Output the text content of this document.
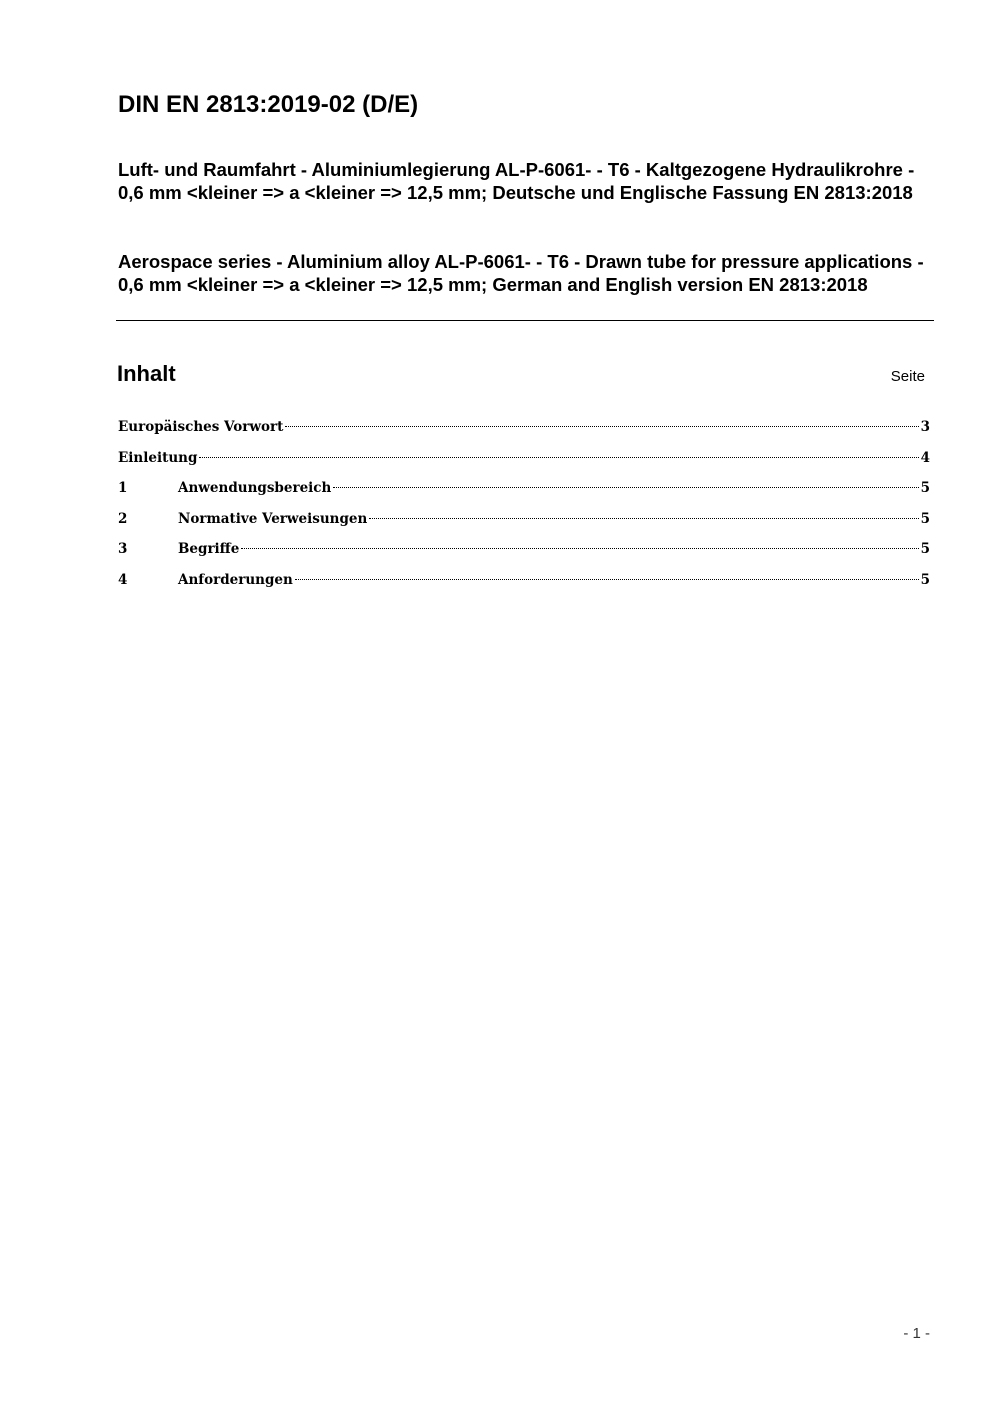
DIN EN 2813:2019-02 (D/E)

Luft- und Raumfahrt - Aluminiumlegierung AL-P-6061- - T6 - Kaltgezogene Hydraulikrohre - 0,6 mm <kleiner => a <kleiner => 12,5 mm; Deutsche und Englische Fassung EN 2813:2018

Aerospace series - Aluminium alloy AL-P-6061- - T6 - Drawn tube for pressure applications - 0,6 mm <kleiner => a <kleiner => 12,5 mm; German and English version EN 2813:2018

Inhalt	Seite
Europäisches Vorwort	3
Einleitung	4
1	Anwendungsbereich	5
2	Normative Verweisungen	5
3	Begriffe	5
4	Anforderungen	5
- 1 -
